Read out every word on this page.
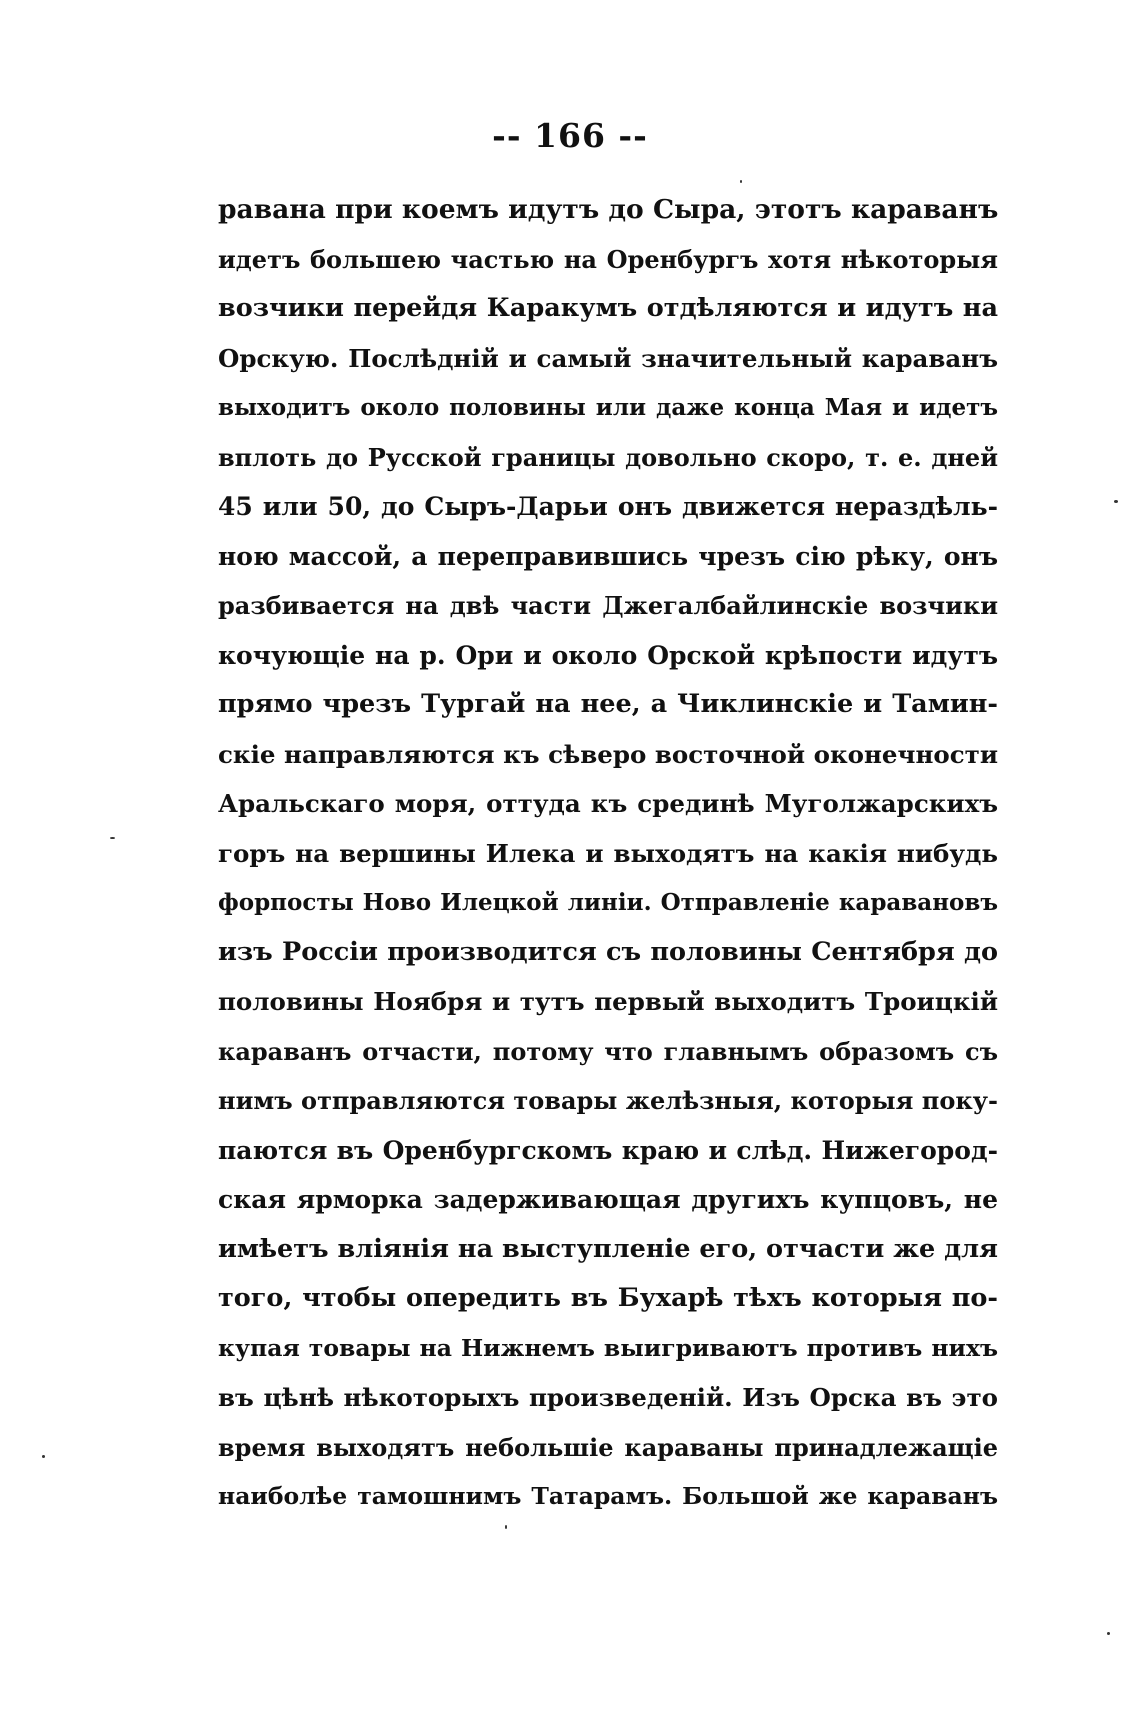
-- 166 --
равана при коемъ идутъ до Сыра, этотъ караванъ
идетъ большею частью на Оренбургъ хотя нѣкоторыя
возчики перейдя Каракумъ отдѣляются и идутъ на
Орскую. Послѣдній и самый значительный караванъ
выходитъ около половины или даже конца Мая и идетъ
вплоть до Русской границы довольно скоро, т. е. дней
45 или 50, до Сыръ-Дарьи онъ движется нераздѣль-
ною массой, а переправившись чрезъ сію рѣку, онъ
разбивается на двѣ части Джегалбайлинскіе возчики
кочующіе на р. Ори и около Орской крѣпости идутъ
прямо чрезъ Тургай на нее, а Чиклинскіе и Тамин-
скіе направляются къ сѣверо восточной оконечности
Аральскаго моря, оттуда къ срединѣ Муголжарскихъ
горъ на вершины Илека и выходятъ на какія нибудь
форпосты Ново Илецкой линіи. Отправленіе каравановъ
изъ Россіи производится съ половины Сентября до
половины Ноября и тутъ первый выходитъ Троицкій
караванъ отчасти, потому что главнымъ образомъ съ
нимъ отправляются товары желѣзныя, которыя поку-
паются въ Оренбургскомъ краю и слѣд. Нижегород-
ская ярморка задерживающая другихъ купцовъ, не
имѣетъ вліянія на выступленіе его, отчасти же для
того, чтобы опередить въ Бухарѣ тѣхъ которыя по-
купая товары на Нижнемъ выигриваютъ противъ нихъ
въ цѣнѣ нѣкоторыхъ произведеній. Изъ Орска въ это
время выходятъ небольшіе караваны принадлежащіе
наиболѣе тамошнимъ Татарамъ. Большой же караванъ
